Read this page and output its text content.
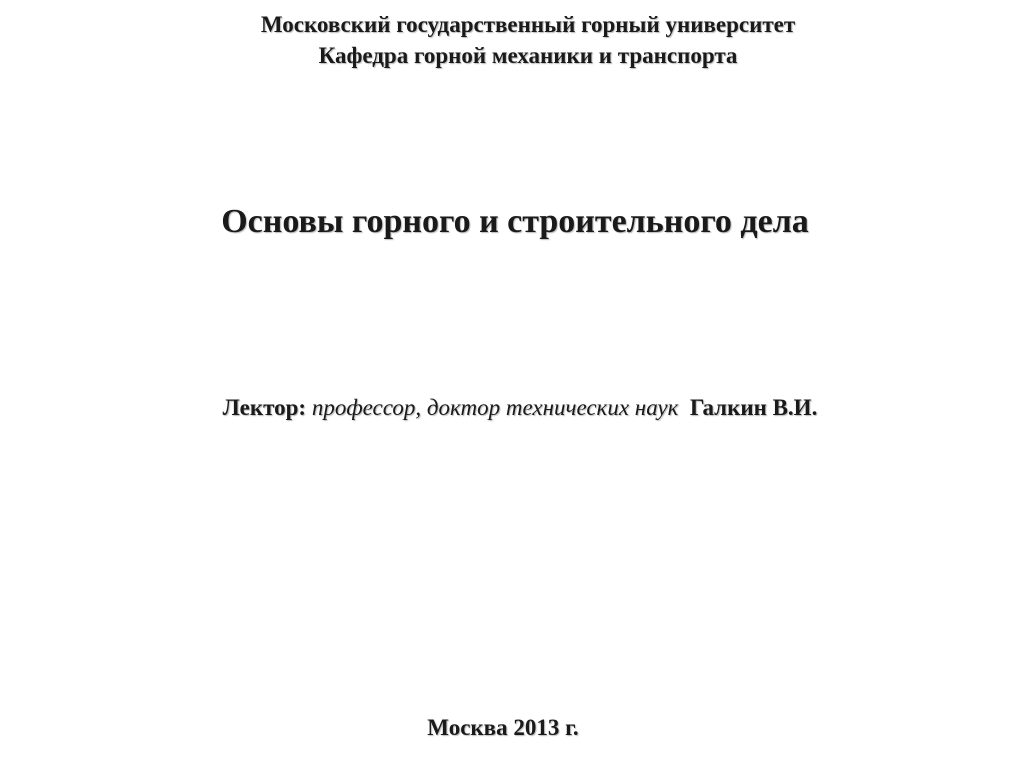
Московский государственный горный университет
Кафедра горной механики и транспорта
Основы горного и строительного дела
Лектор: профессор, доктор технических наук Галкин В.И.
Москва 2013 г.
